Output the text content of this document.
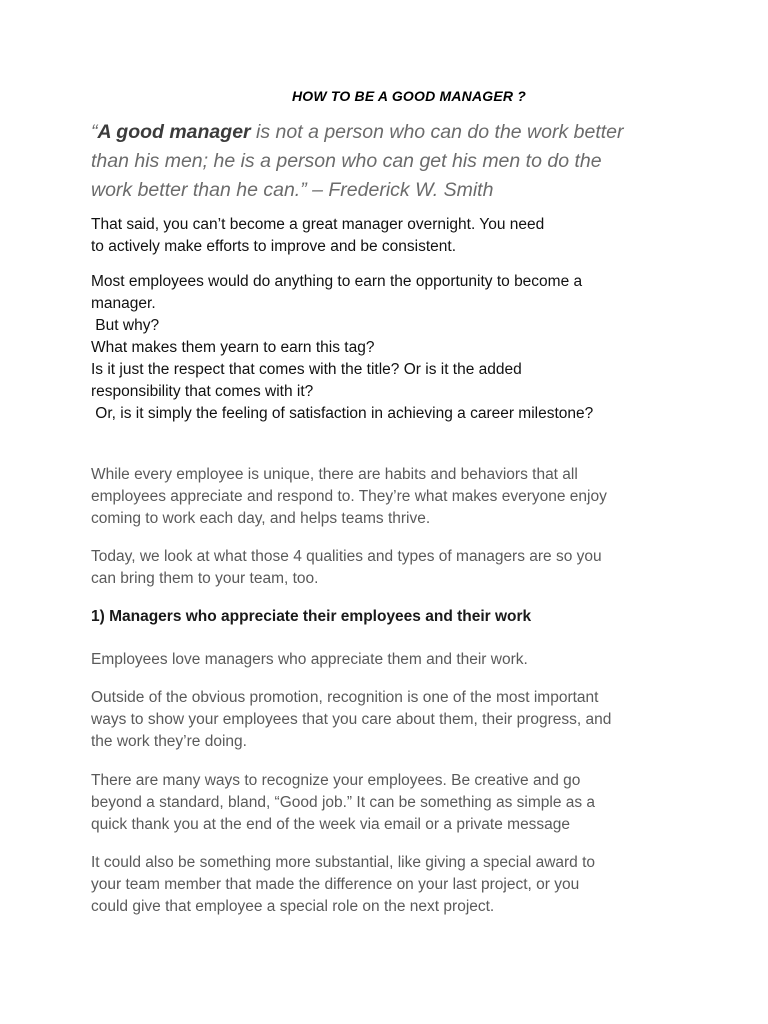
HOW TO BE A GOOD MANAGER ?
“A good manager is not a person who can do the work better
than his men; he is a person who can get his men to do the
work better than he can.” – Frederick W. Smith
That said, you can’t become a great manager overnight. You need
to actively make efforts to improve and be consistent.
Most employees would do anything to earn the opportunity to become a
manager.
But why?
What makes them yearn to earn this tag?
Is it just the respect that comes with the title? Or is it the added
responsibility that comes with it?
Or, is it simply the feeling of satisfaction in achieving a career milestone?
While every employee is unique, there are habits and behaviors that all
employees appreciate and respond to. They’re what makes everyone enjoy
coming to work each day, and helps teams thrive.
Today, we look at what those 4 qualities and types of managers are so you
can bring them to your team, too.
1) Managers who appreciate their employees and their work
Employees love managers who appreciate them and their work.
Outside of the obvious promotion, recognition is one of the most important
ways to show your employees that you care about them, their progress, and
the work they’re doing.
There are many ways to recognize your employees. Be creative and go
beyond a standard, bland, “Good job.” It can be something as simple as a
quick thank you at the end of the week via email or a private message
It could also be something more substantial, like giving a special award to
your team member that made the difference on your last project, or you
could give that employee a special role on the next project.
